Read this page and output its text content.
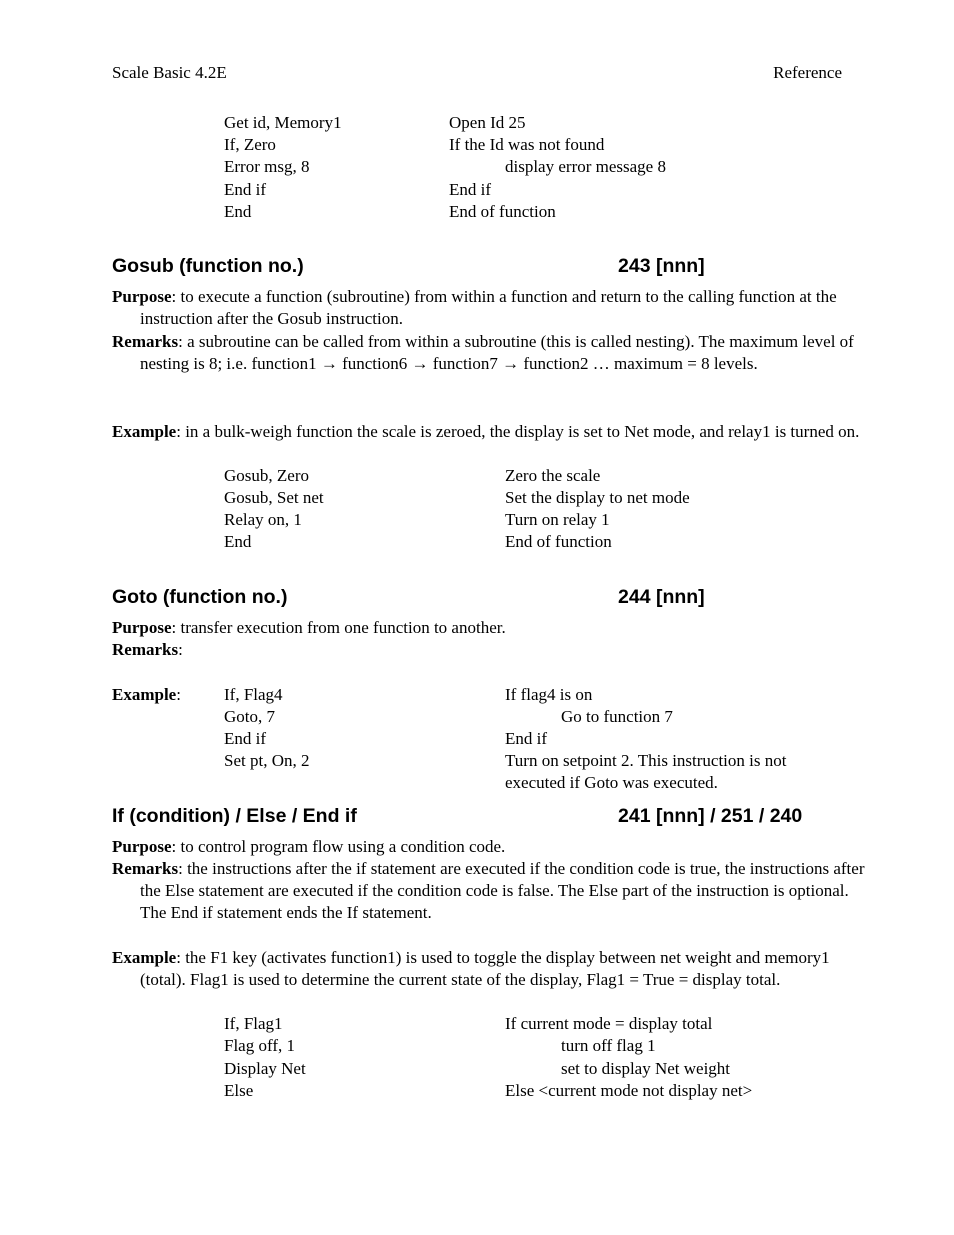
Scale Basic 4.2E	Reference
Get id, Memory1	Open Id 25
If, Zero	If the Id was not found
Error msg, 8	display error message 8
End if	End if
End	End of function
Gosub (function no.)	243 [nnn]
Purpose: to execute a function (subroutine) from within a function and return to the calling function at the instruction after the Gosub instruction.
Remarks: a subroutine can be called from within a subroutine (this is called nesting). The maximum level of nesting is 8; i.e. function1 → function6 → function7 → function2 … maximum = 8 levels.
Example: in a bulk-weigh function the scale is zeroed, the display is set to Net mode, and relay1 is turned on.
Gosub, Zero	Zero the scale
Gosub, Set net	Set the display to net mode
Relay on, 1	Turn on relay 1
End	End of function
Goto (function no.)	244 [nnn]
Purpose: transfer execution from one function to another.
Remarks:
Example:	If, Flag4	If flag4 is on
Goto, 7	Go to function 7
End if	End if
Set pt, On, 2	Turn on setpoint 2. This instruction is not
executed if Goto was executed.
If (condition) / Else / End if	241 [nnn] / 251 / 240
Purpose: to control program flow using a condition code.
Remarks: the instructions after the if statement are executed if the condition code is true, the instructions after the Else statement are executed if the condition code is false. The Else part of the instruction is optional. The End if statement ends the If statement.
Example: the F1 key (activates function1) is used to toggle the display between net weight and memory1 (total). Flag1 is used to determine the current state of the display, Flag1 = True = display total.
If, Flag1	If current mode = display total
Flag off, 1	turn off flag 1
Display Net	set to display Net weight
Else	Else <current mode not display net>
